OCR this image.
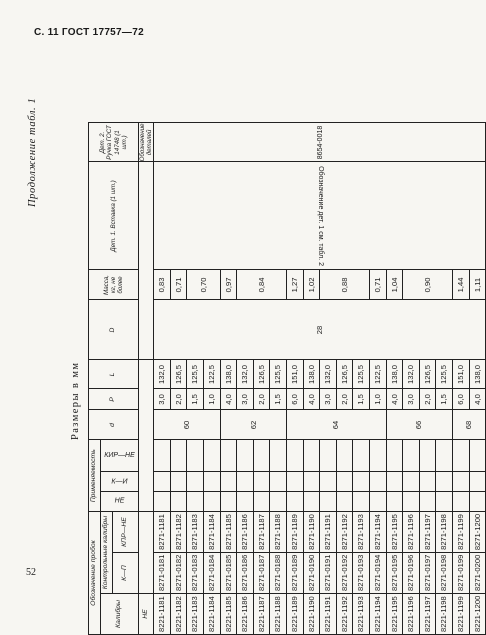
С. 11 ГОСТ 17757—72
52
Продолжение табл. 1
Размеры в мм
Обозначение пробок			Применяемость			d	P	L	D	Масса, кг, не более	Дет. 1. Вставка (1 шт.)	Дет. 2. Ручка ГОСТ 14748 (1 шт.)
Калибры	Контрольные калибры		НЕ	К—И	КИР—НЕ							
	К—П	КПР—НЕ										
НЕ												Обозначение деталей
8221-1181	8271-0181	8271-1181				60	3,0	132,0	28	0,83	Обозначение дет. 1 см. табл. 2	8654-0018
8221-1182	8271-0182	8271-1182					2,0	126,5		0,71		
8221-1183	8271-0183	8271-1183					1,5	125,5		0,70		
8221-1184	8271-0184	8271-1184					1,0	122,5				
8221-1185	8271-0185	8271-1185				62	4,0	138,0		0,97		
8221-1186	8271-0186	8271-1186					3,0	132,0		0,84		
8221-1187	8271-0187	8271-1187					2,0	126,5				
8221-1188	8271-0188	8271-1188					1,5	125,5				
8221-1189	8271-0189	8271-1189				64	6,0	151,0		1,27		
8221-1190	8271-0190	8271-1190					4,0	138,0		1,02		
8221-1191	8271-0191	8271-1191					3,0	132,0		0,88		
8221-1192	8271-0192	8271-1192					2,0	126,5				
8221-1193	8271-0193	8271-1193					1,5	125,5				
8221-1194	8271-0194	8271-1194					1,0	122,5		0,71		
8221-1195	8271-0195	8271-1195				66	4,0	138,0		1,04		
8221-1196	8271-0196	8271-1196					3,0	132,0		0,90		
8221-1197	8271-0197	8271-1197					2,0	126,5				
8221-1198	8271-0198	8271-1198					1,5	125,5				
8221-1199	8271-0199	8271-1199				68	6,0	151,0		1,44		
8221-1200	8271-0200	8271-1200					4,0	138,0		1,11		
